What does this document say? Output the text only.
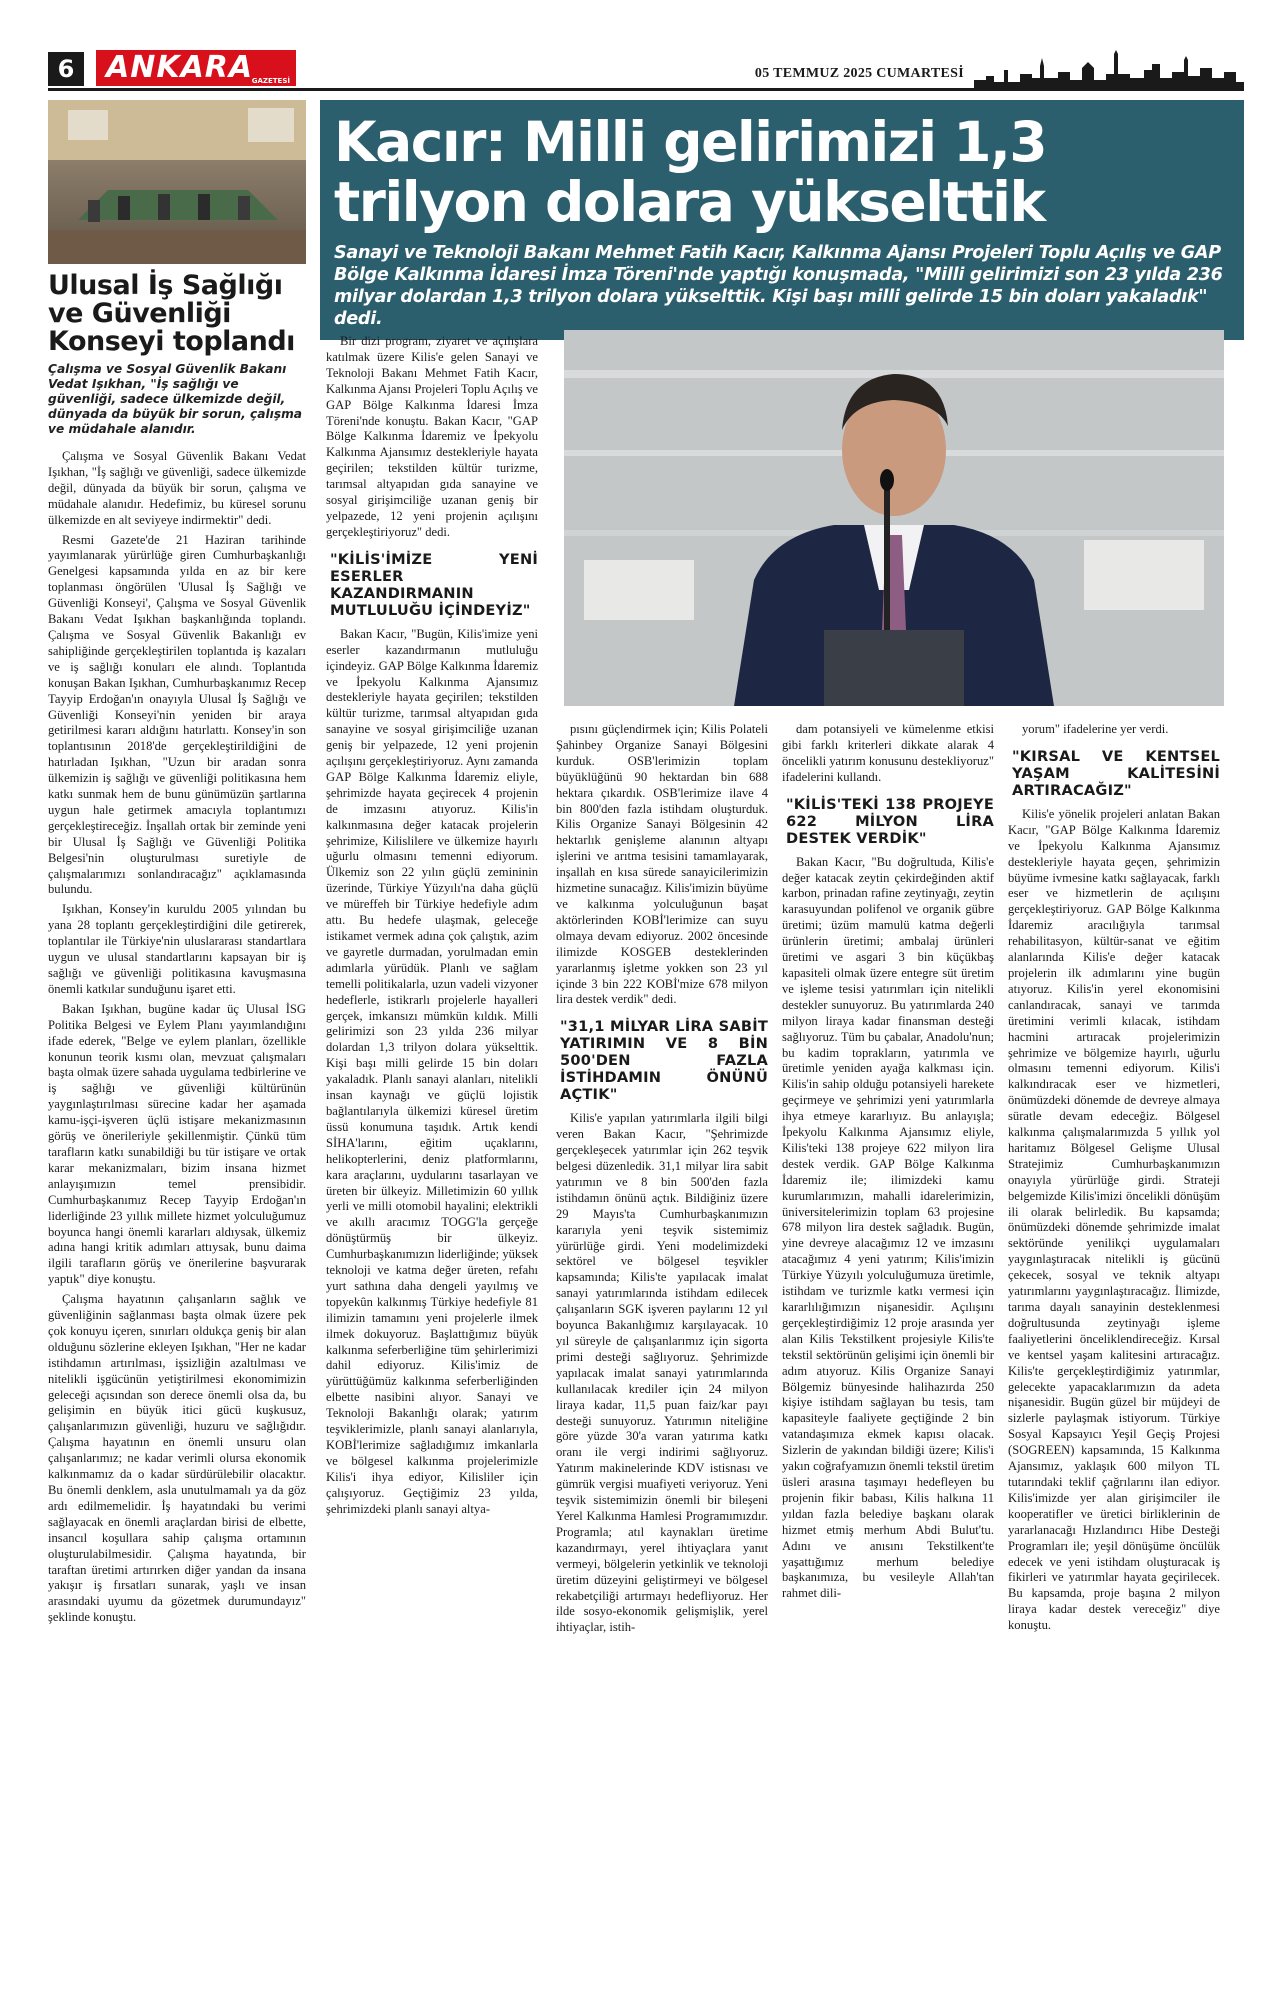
6	ANKARA
GAZETESİ	05 TEMMUZ 2025 CUMARTESİ
Ulusal İş Sağlığı ve Güvenliği Konseyi toplandı
Çalışma ve Sosyal Güvenlik Bakanı Vedat Işıkhan, "İş sağlığı ve güvenliği, sadece ülkemizde değil, dünyada da büyük bir sorun, çalışma ve müdahale alanıdır.

Çalışma ve Sosyal Güvenlik Bakanı Vedat Işıkhan, "İş sağlığı ve güvenliği, sadece ülkemizde değil, dünyada da büyük bir sorun, çalışma ve müdahale alanıdır. Hedefimiz, bu küresel sorunu ülkemizde en alt seviyeye indirmektir" dedi.

Resmi Gazete'de 21 Haziran tarihinde yayımlanarak yürürlüğe giren Cumhurbaşkanlığı Genelgesi kapsamında yılda en az bir kere toplanması öngörülen 'Ulusal İş Sağlığı ve Güvenliği Konseyi', Çalışma ve Sosyal Güvenlik Bakanı Vedat Işıkhan başkanlığında toplandı. Çalışma ve Sosyal Güvenlik Bakanlığı ev sahipliğinde gerçekleştirilen toplantıda iş kazaları ve iş sağlığı konuları ele alındı. Toplantıda konuşan Bakan Işıkhan, Cumhurbaşkanımız Recep Tayyip Erdoğan'ın onayıyla Ulusal İş Sağlığı ve Güvenliği Konseyi'nin yeniden bir araya getirilmesi kararı aldığını hatırlattı. Konsey'in son toplantısının 2018'de gerçekleştirildiğini de hatırladan Işıkhan, "Uzun bir aradan sonra ülkemizin iş sağlığı ve güvenliği politikasına hem katkı sunmak hem de bunu günümüzün şartlarına uygun hale getirmek amacıyla toplantımızı gerçekleştireceğiz. İnşallah ortak bir zeminde yeni bir Ulusal İş Sağlığı ve Güvenliği Politika Belgesi'nin oluşturulması suretiyle de çalışmalarımızı sonlandıracağız" açıklamasında bulundu.

Işıkhan, Konsey'in kuruldu 2005 yılından bu yana 28 toplantı gerçekleştirdiğini dile getirerek, toplantılar ile Türkiye'nin uluslararası standartlara uygun ve ulusal standartlarını kapsayan bir iş sağlığı ve güvenliği politikasına kavuşmasına önemli katkılar sunduğunu işaret etti.

Bakan Işıkhan, bugüne kadar üç Ulusal İSG Politika Belgesi ve Eylem Planı yayımlandığını ifade ederek, "Belge ve eylem planları, özellikle konunun teorik kısmı olan, mevzuat çalışmaları başta olmak üzere sahada uygulama tedbirlerine ve iş sağlığı ve güvenliği kültürünün yaygınlaştırılması sürecine kadar her aşamada kamu-işçi-işveren üçlü istişare mekanizmasının görüş ve önerileriyle şekillenmiştir. Çünkü tüm tarafların katkı sunabildiği bu tür istişare ve ortak karar mekanizmaları, bizim insana hizmet anlayışımızın temel prensibidir. Cumhurbaşkanımız Recep Tayyip Erdoğan'ın liderliğinde 23 yıllık millete hizmet yolculuğumuz boyunca hangi önemli kararları aldıysak, ülkemiz adına hangi kritik adımları attıysak, bunu daima ilgili tarafların görüş ve önerilerine başvurarak yaptık" diye konuştu.

Çalışma hayatının çalışanların sağlık ve güvenliğinin sağlanması başta olmak üzere pek çok konuyu içeren, sınırları oldukça geniş bir alan olduğunu sözlerine ekleyen Işıkhan, "Her ne kadar istihdamın artırılması, işsizliğin azaltılması ve nitelikli işgücünün yetiştirilmesi ekonomimizin geleceği açısından son derece önemli olsa da, bu gelişimin en büyük itici gücü kuşkusuz, çalışanlarımızın güvenliği, huzuru ve sağlığıdır. Çalışma hayatının en önemli unsuru olan çalışanlarımız; ne kadar verimli olursa ekonomik kalkınmamız da o kadar sürdürülebilir olacaktır. Bu önemli denklem, asla unutulmamalı ya da göz ardı edilmemelidir. İş hayatındaki bu verimi sağlayacak en önemli araçlardan birisi de elbette, insancıl koşullara sahip çalışma ortamının oluşturulabilmesidir. Çalışma hayatında, bir taraftan üretimi artırırken diğer yandan da insana yakışır iş fırsatları sunarak, yaşlı ve insan arasındaki uyumu da gözetmek durumundayız" şeklinde konuştu.

Kacır: Milli gelirimizi 1,3 trilyon dolara yükselttik
Sanayi ve Teknoloji Bakanı Mehmet Fatih Kacır, Kalkınma Ajansı Projeleri Toplu Açılış ve GAP Bölge Kalkınma İdaresi İmza Töreni'nde yaptığı konuşmada, "Milli gelirimizi son 23 yılda 236 milyar dolardan 1,3 trilyon dolara yükselttik. Kişi başı milli gelirde 15 bin doları yakaladık" dedi.

Bir dizi program, ziyaret ve açılışlara katılmak üzere Kilis'e gelen Sanayi ve Teknoloji Bakanı Mehmet Fatih Kacır, Kalkınma Ajansı Projeleri Toplu Açılış ve GAP Bölge Kalkınma İdaresi İmza Töreni'nde konuştu. Bakan Kacır, "GAP Bölge Kalkınma İdaremiz ve İpekyolu Kalkınma Ajansımız destekleriyle hayata geçirilen; tekstilden kültür turizme, tarımsal altyapıdan gıda sanayine ve sosyal girişimciliğe uzanan geniş bir yelpazede, 12 yeni projenin açılışını gerçekleştiriyoruz" dedi.

"KİLİS'İMİZE YENİ ESERLER KAZANDIRMANIN MUTLULUĞU İÇİNDEYİZ"

Bakan Kacır, "Bugün, Kilis'imize yeni eserler kazandırmanın mutluluğu içindeyiz. GAP Bölge Kalkınma İdaremiz ve İpekyolu Kalkınma Ajansımız destekleriyle hayata geçirilen; tekstilden kültür turizme, tarımsal altyapıdan gıda sanayine ve sosyal girişimciliğe uzanan geniş bir yelpazede, 12 yeni projenin açılışını gerçekleştiriyoruz. Aynı zamanda GAP Bölge Kalkınma İdaremiz eliyle, şehrimizde hayata geçirecek 4 projenin de imzasını atıyoruz. Kilis'in kalkınmasına değer katacak projelerin şehrimize, Kilislilere ve ülkemize hayırlı uğurlu olmasını temenni ediyorum. Ülkemiz son 22 yılın güçlü zemininin üzerinde, Türkiye Yüzyılı'na daha güçlü ve müreffeh bir Türkiye hedefiyle adım attı. Bu hedefe ulaşmak, geleceğe istikamet vermek adına çok çalıştık, azim ve gayretle durmadan, yorulmadan emin adımlarla yürüdük. Planlı ve sağlam temelli politikalarla, uzun vadeli vizyoner hedeflerle, istikrarlı projelerle hayalleri gerçek, imkansızı mümkün kıldık. Milli gelirimizi son 23 yılda 236 milyar dolardan 1,3 trilyon dolara yükselttik. Kişi başı milli gelirde 15 bin doları yakaladık. Planlı sanayi alanları, nitelikli insan kaynağı ve güçlü lojistik bağlantılarıyla ülkemizi küresel üretim üssü konumuna taşıdık. Artık kendi SİHA'larını, eğitim uçaklarını, helikopterlerini, deniz platformlarını, kara araçlarını, uydularını tasarlayan ve üreten bir ülkeyiz. Milletimizin 60 yıllık yerli ve milli otomobil hayalini; elektrikli ve akıllı aracımız TOGG'la gerçeğe dönüştürmüş bir ülkeyiz. Cumhurbaşkanımızın liderliğinde; yüksek teknoloji ve katma değer üreten, refahı yurt sathına daha dengeli yayılmış ve topyekûn kalkınmış Türkiye hedefiyle 81 ilimizin tamamını yeni projelerle ilmek ilmek dokuyoruz. Başlattığımız büyük kalkınma seferberliğine tüm şehirlerimizi dahil ediyoruz. Kilis'imiz de yürüttüğümüz kalkınma seferberliğinden elbette nasibini alıyor. Sanayi ve Teknoloji Bakanlığı olarak; yatırım teşviklerimizle, planlı sanayi alanlarıyla, KOBİ'lerimize sağladığımız imkanlarla ve bölgesel kalkınma projelerimizle Kilis'i ihya ediyor, Kilisliler için çalışıyoruz. Geçtiğimiz 23 yılda, şehrimizdeki planlı sanayi altya-

pısını güçlendirmek için; Kilis Polateli Şahinbey Organize Sanayi Bölgesini kurduk. OSB'lerimizin toplam büyüklüğünü 90 hektardan bin 688 hektara çıkardık. OSB'lerimize ilave 4 bin 800'den fazla istihdam oluşturduk. Kilis Organize Sanayi Bölgesinin 42 hektarlık genişleme alanının altyapı işlerini ve arıtma tesisini tamamlayarak, inşallah en kısa sürede sanayicilerimizin hizmetine sunacağız. Kilis'imizin büyüme ve kalkınma yolculuğunun başat aktörlerinden KOBİ'lerimize can suyu olmaya devam ediyoruz. 2002 öncesinde ilimizde KOSGEB desteklerinden yararlanmış işletme yokken son 23 yıl içinde 3 bin 222 KOBİ'mize 678 milyon lira destek verdik" dedi.

"31,1 MİLYAR LİRA SABİT YATIRIMIN VE 8 BİN 500'DEN FAZLA İSTİHDAMIN ÖNÜNÜ AÇTIK"

Kilis'e yapılan yatırımlarla ilgili bilgi veren Bakan Kacır, "Şehrimizde gerçekleşecek yatırımlar için 262 teşvik belgesi düzenledik. 31,1 milyar lira sabit yatırımın ve 8 bin 500'den fazla istihdamın önünü açtık. Bildiğiniz üzere 29 Mayıs'ta Cumhurbaşkanımızın kararıyla yeni teşvik sistemimiz yürürlüğe girdi. Yeni modelimizdeki sektörel ve bölgesel teşvikler kapsamında; Kilis'te yapılacak imalat sanayi yatırımlarında istihdam edilecek çalışanların SGK işveren paylarını 12 yıl boyunca Bakanlığımız karşılayacak. 10 yıl süreyle de çalışanlarımız için sigorta primi desteği sağlıyoruz. Şehrimizde yapılacak imalat sanayi yatırımlarında kullanılacak krediler için 24 milyon liraya kadar, 11,5 puan faiz/kar payı desteği sunuyoruz. Yatırımın niteliğine göre yüzde 30'a varan yatırıma katkı oranı ile vergi indirimi sağlıyoruz. Yatırım makinelerinde KDV istisnası ve gümrük vergisi muafiyeti veriyoruz. Yeni teşvik sistemimizin önemli bir bileşeni Yerel Kalkınma Hamlesi Programımızdır. Programla; atıl kaynakları üretime kazandırmayı, yerel ihtiyaçlara yanıt vermeyi, bölgelerin yetkinlik ve teknoloji üretim düzeyini geliştirmeyi ve bölgesel rekabetçiliği artırmayı hedefliyoruz. Her ilde sosyo-ekonomik gelişmişlik, yerel ihtiyaçlar, istih-

dam potansiyeli ve kümelenme etkisi gibi farklı kriterleri dikkate alarak 4 öncelikli yatırım konusunu destekliyoruz" ifadelerini kullandı.

"KİLİS'TEKİ 138 PROJEYE 622 MİLYON LİRA DESTEK VERDİK"

Bakan Kacır, "Bu doğrultuda, Kilis'e değer katacak zeytin çekirdeğinden aktif karbon, prinadan rafine zeytinyağı, zeytin karasuyundan polifenol ve organik gübre üretimi; üzüm mamulü katma değerli ürünlerin üretimi; ambalaj ürünleri üretimi ve asgari 3 bin küçükbaş kapasiteli olmak üzere entegre süt üretim ve işleme tesisi yatırımları için nitelikli destekler sunuyoruz. Bu yatırımlarda 240 milyon liraya kadar finansman desteği sağlıyoruz. Tüm bu çabalar, Anadolu'nun; bu kadim toprakların, yatırımla ve üretimle yeniden ayağa kalkması için. Kilis'in sahip olduğu potansiyeli harekete geçirmeye ve şehrimizi yeni yatırımlarla ihya etmeye kararlıyız. Bu anlayışla; İpekyolu Kalkınma Ajansımız eliyle, Kilis'teki 138 projeye 622 milyon lira destek verdik. GAP Bölge Kalkınma İdaremiz ile; ilimizdeki kamu kurumlarımızın, mahalli idarelerimizin, üniversitelerimizin toplam 63 projesine 678 milyon lira destek sağladık. Bugün, yine devreye alacağımız 12 ve imzasını atacağımız 4 yeni yatırım; Kilis'imizin Türkiye Yüzyılı yolculuğumuza üretimle, istihdam ve turizmle katkı vermesi için kararlılığımızın nişanesidir. Açılışını gerçekleştirdiğimiz 12 proje arasında yer alan Kilis Tekstilkent projesiyle Kilis'te tekstil sektörünün gelişimi için önemli bir adım atıyoruz. Kilis Organize Sanayi Bölgemiz bünyesinde halihazırda 250 kişiye istihdam sağlayan bu tesis, tam kapasiteyle faaliyete geçtiğinde 2 bin vatandaşımıza ekmek kapısı olacak. Sizlerin de yakından bildiği üzere; Kilis'i yakın coğrafyamızın önemli tekstil üretim üsleri arasına taşımayı hedefleyen bu projenin fikir babası, Kilis halkına 11 yıldan fazla belediye başkanı olarak hizmet etmiş merhum Abdi Bulut'tu. Adını ve anısını Tekstilkent'te yaşattığımız merhum belediye başkanımıza, bu vesileyle Allah'tan rahmet dili-

yorum" ifadelerine yer verdi.

"KIRSAL VE KENTSEL YAŞAM KALİTESİNİ ARTIRACAĞIZ"

Kilis'e yönelik projeleri anlatan Bakan Kacır, "GAP Bölge Kalkınma İdaremiz ve İpekyolu Kalkınma Ajansımız destekleriyle hayata geçen, şehrimizin büyüme ivmesine katkı sağlayacak, farklı eser ve hizmetlerin de açılışını gerçekleştiriyoruz. GAP Bölge Kalkınma İdaremiz aracılığıyla tarımsal rehabilitasyon, kültür-sanat ve eğitim alanlarında Kilis'e değer katacak projelerin ilk adımlarını yine bugün atıyoruz. Kilis'in yerel ekonomisini canlandıracak, sanayi ve tarımda üretimini verimli kılacak, istihdam hacmini artıracak projelerimizin şehrimize ve bölgemize hayırlı, uğurlu olmasını temenni ediyorum. Kilis'i kalkındıracak eser ve hizmetleri, önümüzdeki dönemde de devreye almaya süratle devam edeceğiz. Bölgesel kalkınma çalışmalarımızda 5 yıllık yol haritamız Bölgesel Gelişme Ulusal Stratejimiz Cumhurbaşkanımızın onayıyla yürürlüğe girdi. Strateji belgemizde Kilis'imizi öncelikli dönüşüm ili olarak belirledik. Bu kapsamda; önümüzdeki dönemde şehrimizde imalat sektöründe yenilikçi uygulamaları yaygınlaştıracak nitelikli iş gücünü çekecek, sosyal ve teknik altyapı yatırımlarını yaygınlaştıracağız. İlimizde, tarıma dayalı sanayinin desteklenmesi doğrultusunda zeytinyağı işleme faaliyetlerini önceliklendireceğiz. Kırsal ve kentsel yaşam kalitesini artıracağız. Kilis'te gerçekleştirdiğimiz yatırımlar, gelecekte yapacaklarımızın da adeta nişanesidir. Bugün güzel bir müjdeyi de sizlerle paylaşmak istiyorum. Türkiye Sosyal Kapsayıcı Yeşil Geçiş Projesi (SOGREEN) kapsamında, 15 Kalkınma Ajansımız, yaklaşık 600 milyon TL tutarındaki teklif çağrılarını ilan ediyor. Kilis'imizde yer alan girişimciler ile kooperatifler ve üretici birliklerinin de yararlanacağı Hızlandırıcı Hibe Desteği Programları ile; yeşil dönüşüme öncülük edecek ve yeni istihdam oluşturacak iş fikirleri ve yatırımlar hayata geçirilecek. Bu kapsamda, proje başına 2 milyon liraya kadar destek vereceğiz" diye konuştu.
